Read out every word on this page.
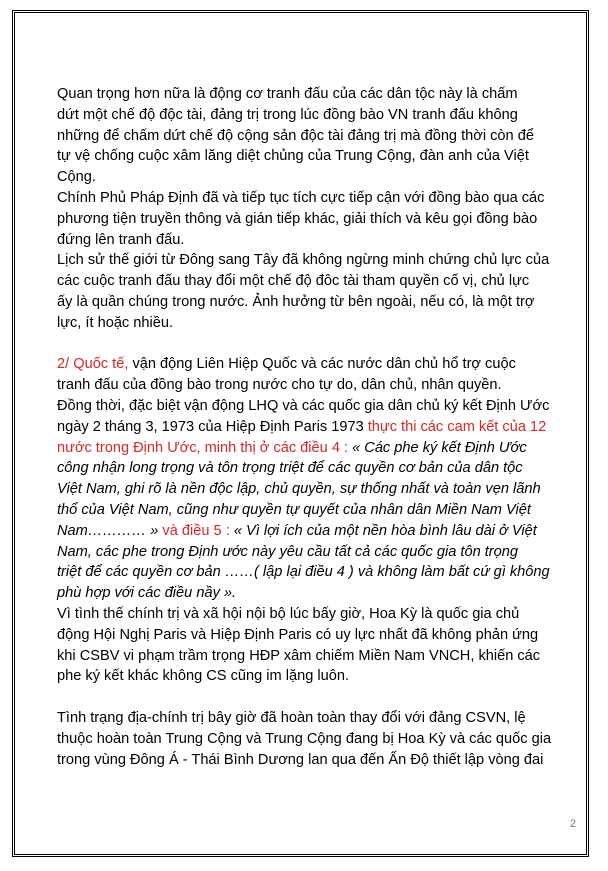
Quan trọng hơn nữa là động cơ tranh đấu của các dân tộc này là chấm
dứt một chế độ độc tài, đảng trị trong lúc đồng bào VN tranh đấu không
những để chấm dứt chế độ cộng sản độc tài đảng trị mà đồng thời còn để
tự vệ chống cuộc xâm lăng diệt chủng của Trung Cộng, đàn anh của Việt
Cộng.
Chính Phủ Pháp Định đã và tiếp tục tích cực tiếp cận với đồng bào qua các
phương tiện truyền thông và gián tiếp khác, giải thích và kêu gọi đồng bào
đứng lên tranh đấu.
Lịch sử thế giới từ Đông sang Tây đã không ngừng minh chứng chủ lực của
các cuộc tranh đấu thay đổi một chế độ đôc tài tham quyền cố vị, chủ lực
ấy là quần chúng trong nước. Ảnh hưởng từ bên ngoài, nếu có, là một trợ
lực, ít hoặc nhiều.
2/ Quốc tế, vận động Liên Hiệp Quốc và các nước dân chủ hổ trợ cuộc
tranh đấu của đồng bào trong nước cho tự do, dân chủ, nhân quyền.
Đồng thời, đặc biệt vận động LHQ và các quốc gia dân chủ ký kết Định Ước
ngày 2 tháng 3, 1973 của Hiệp Định Paris 1973 thực thi các cam kết của 12
nước trong Định Ước, minh thị ở các điều 4 : « Các phe ký kết Định Ước
công nhận long trọng và tôn trọng triệt để các quyền cơ bản của dân tộc
Việt Nam, ghi rõ là nền độc lập, chủ quyền, sự thống nhất và toàn vẹn lãnh
thổ của Việt Nam, cũng như quyền tự quyết của nhân dân Miền Nam Việt
Nam………… » và điều 5 : « Vì lợi ích của một nền hòa bình lâu dài ở Việt
Nam, các phe trong Định ước này yêu cầu tất cả các quốc gia tôn trọng
triệt để các quyền cơ bản ……( lập lại điều 4 ) và không làm bất cứ gì không
phù hợp với các điều nầy ».
Vì tình thế chính trị và xã hội nội bộ lúc bấy giờ, Hoa Kỳ là quốc gia chủ
động Hội Nghị Paris và Hiệp Định Paris có uy lực nhất đã không phản ứng
khi CSBV vi phạm trầm trọng HĐP xâm chiếm Miền Nam VNCH, khiến các
phe ký kết khác không CS cũng im lặng luôn.
Tình trạng địa-chính trị bây giờ đã hoàn toàn thay đổi với đảng CSVN, lệ
thuộc hoàn toàn Trung Cộng và Trung Cộng đang bị Hoa Kỳ và các quốc gia
trong vùng Đông Á - Thái Bình Dương lan qua đến Ấn Độ thiết lập vòng đai
2
